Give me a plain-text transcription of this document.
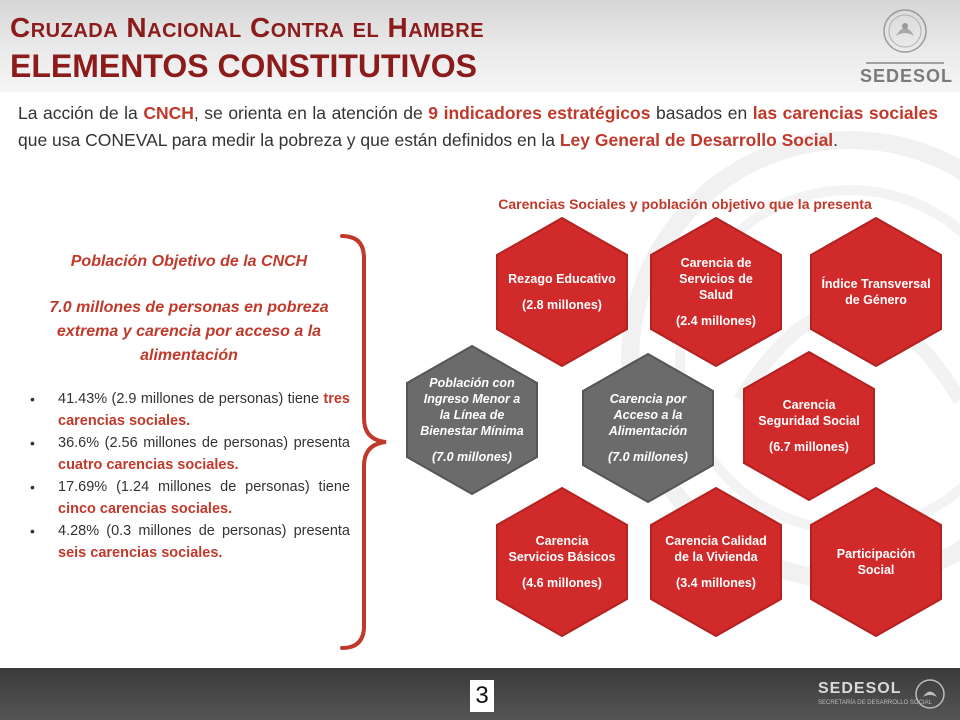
Cruzada Nacional Contra el Hambre
ELEMENTOS CONSTITUTIVOS	SEDESOL
La acción de la CNCH, se orienta en la atención de 9 indicadores estratégicos basados en las carencias sociales que usa CONEVAL para medir la pobreza y que están definidos en la Ley General de Desarrollo Social.
Carencias Sociales y población objetivo que la presenta
Población Objetivo de la CNCH
7.0 millones de personas en pobreza extrema y carencia por acceso a la alimentación
• 41.43% (2.9 millones de personas) tiene tres carencias sociales.
• 36.6% (2.56 millones de personas) presenta cuatro carencias sociales.
• 17.69% (1.24 millones de personas) tiene cinco carencias sociales.
• 4.28% (0.3 millones de personas) presenta seis carencias sociales.
Rezago Educativo
(2.8 millones)
Carencia de Servicios de Salud
(2.4 millones)
Índice Transversal de Género
Población con Ingreso Menor a la Línea de Bienestar Mínima
(7.0 millones)
Carencia por Acceso a la Alimentación
(7.0 millones)
Carencia Seguridad Social
(6.7 millones)
Carencia Servicios Básicos
(4.6 millones)
Carencia Calidad de la Vivienda
(3.4 millones)
Participación Social
3	SEDESOL
SECRETARÍA DE DESARROLLO SOCIAL
